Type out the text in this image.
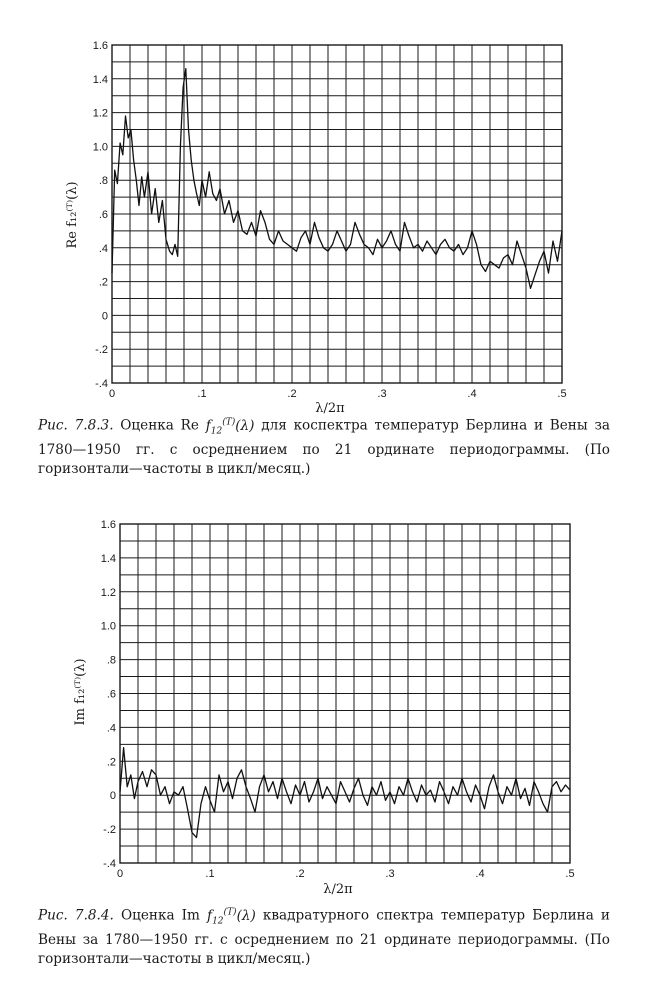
1.6
1.4
1.2
1.0
.8
.6
.4
.2
0
-.2
-.4
0	.1	.2	.3	.4	.5
Re f₁₂⁽ᵀ⁾(λ)
λ/2π
Рис. 7.8.3. Оценка Re $f_{12}^{(T)}(\lambda)$ для коспектра температур Берлина и Вены за 1780—1950 гг. с осреднением по 21 ординате периодограммы. (По горизонтали—частоты в цикл/месяц.)
1.6
1.4
1.2
1.0
.8
.6
.4
.2
0
-.2
-.4
0	.1	.2	.3	.4	.5
Im f₁₂⁽ᵀ⁾(λ)
λ/2π
Рис. 7.8.4. Оценка Im $f_{12}^{(T)}(\lambda)$ квадратурного спектра температур Берлина и Вены за 1780—1950 гг. с осреднением по 21 ординате периодограммы. (По горизонтали—частоты в цикл/месяц.)
